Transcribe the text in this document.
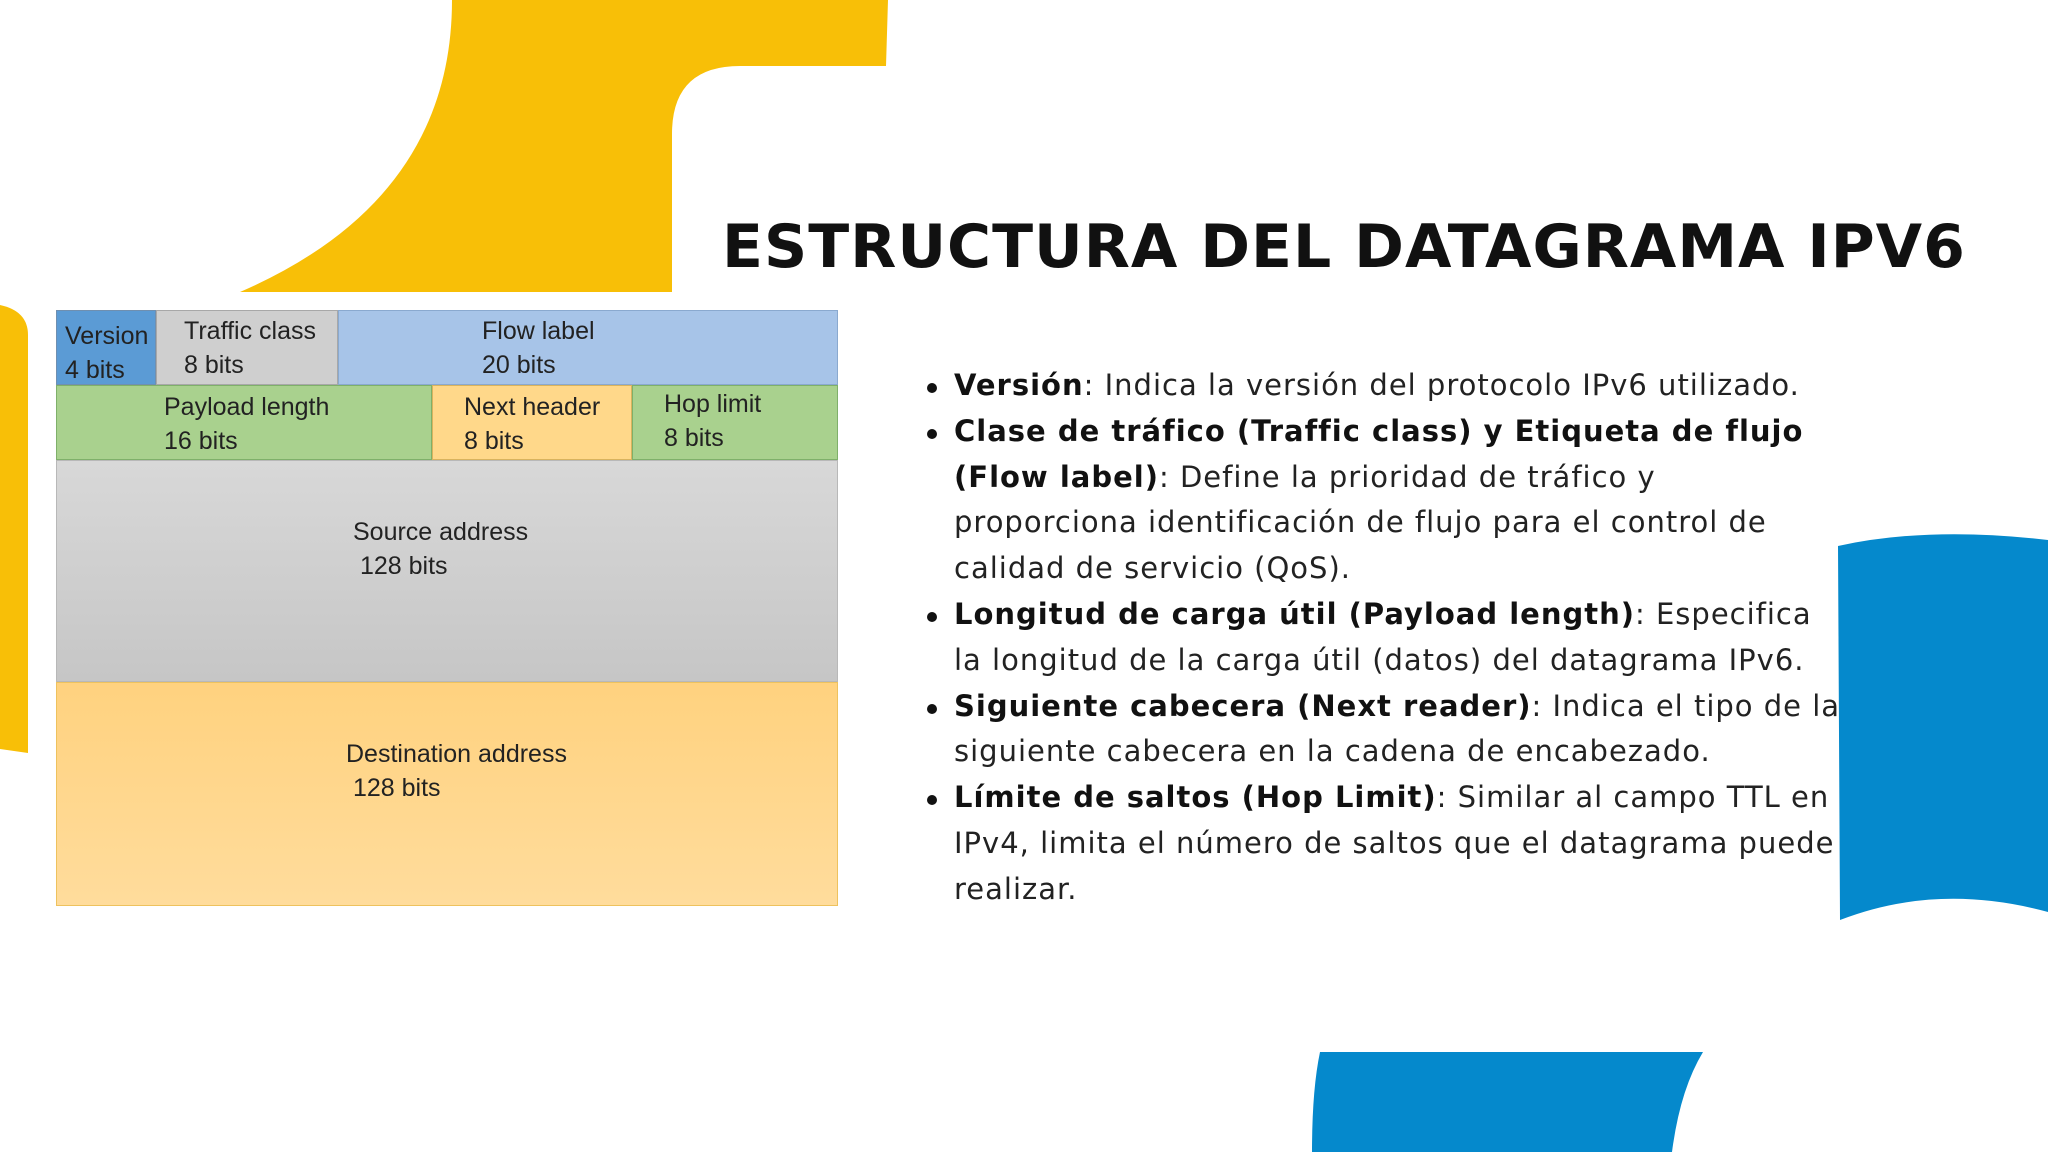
ESTRUCTURA DEL DATAGRAMA IPV6
Version
4 bits
Traffic class
8 bits
Flow label
20 bits
Payload length
16 bits
Next header
8 bits
Hop limit
8 bits
Source address
128 bits
Destination address
128 bits
Versión: Indica la versión del protocolo IPv6 utilizado.
Clase de tráfico (Traffic class) y Etiqueta de flujo (Flow label): Define la prioridad de tráfico y proporciona identificación de flujo para el control de calidad de servicio (QoS).
Longitud de carga útil (Payload length): Especifica la longitud de la carga útil (datos) del datagrama IPv6.
Siguiente cabecera (Next reader): Indica el tipo de la siguiente cabecera en la cadena de encabezado.
Límite de saltos (Hop Limit): Similar al campo TTL en IPv4, limita el número de saltos que el datagrama puede realizar.
